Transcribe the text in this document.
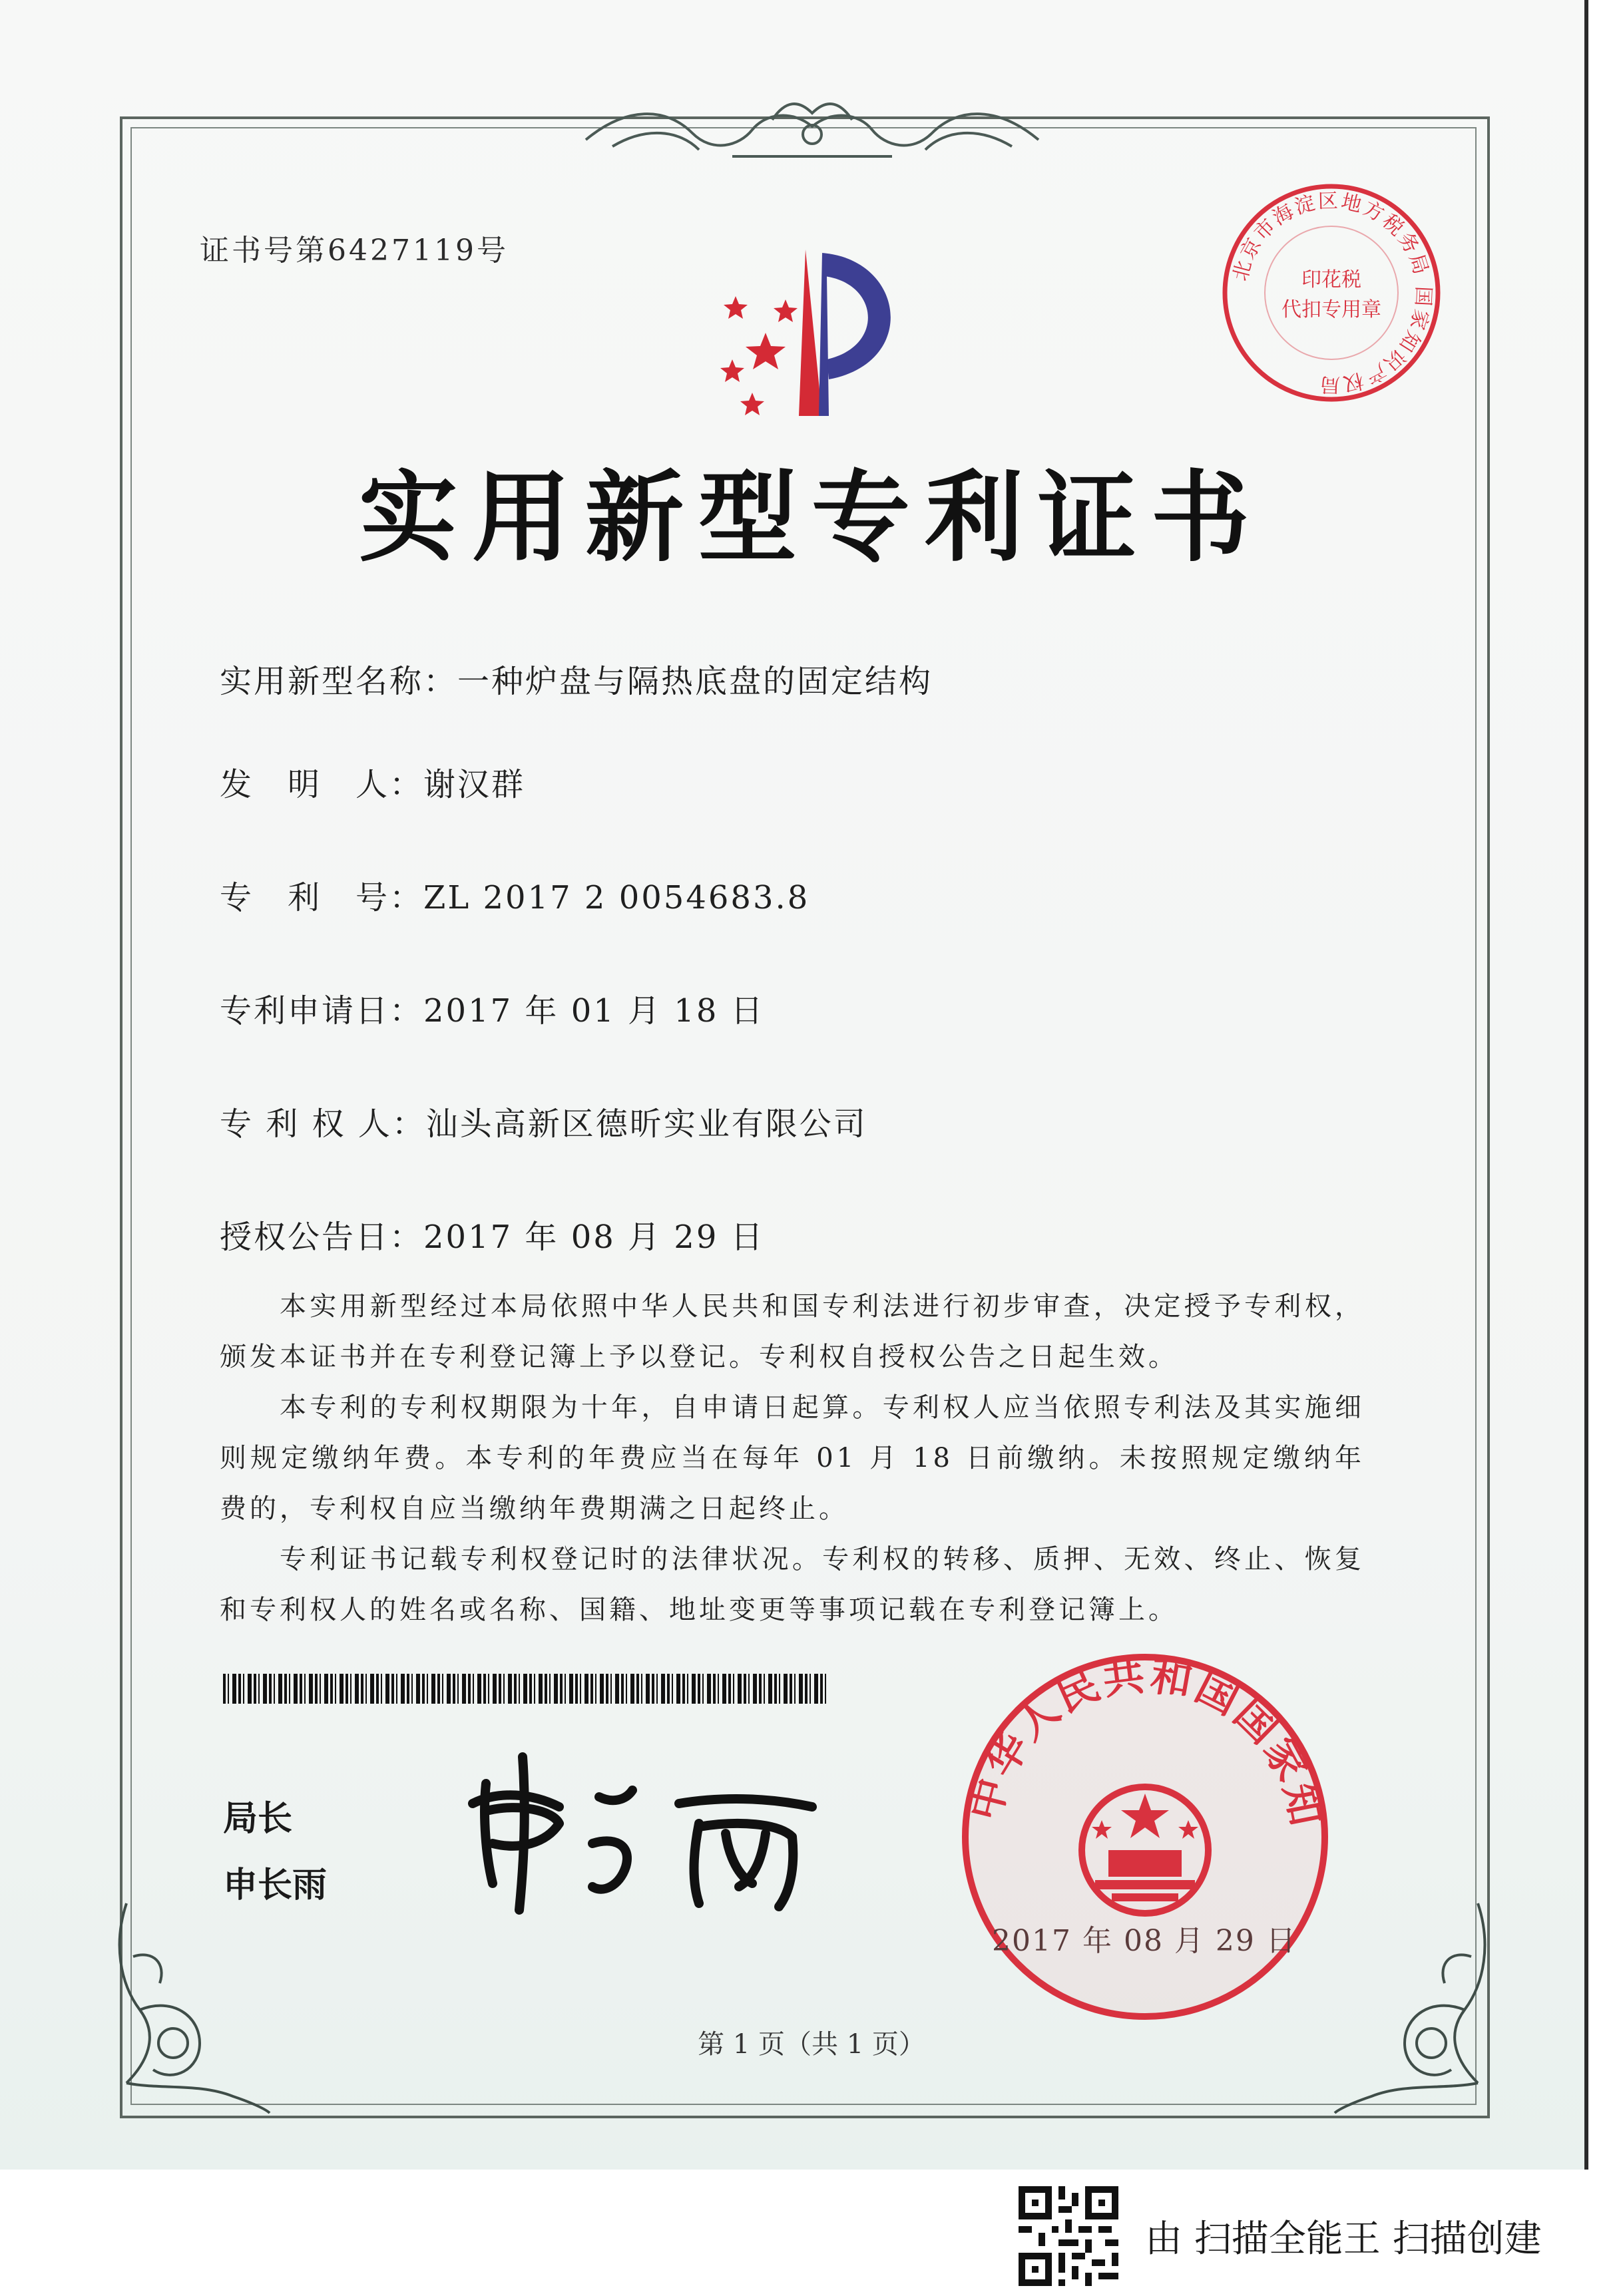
证书号第6427119号
北京市海淀区地方税务局 国家知识产权局
印花税
代扣专用章
实用新型专利证书
实用新型名称：一种炉盘与隔热底盘的固定结构
发　明　人：谢汉群
专　利　号：ZL 2017 2 0054683.8
专利申请日：2017 年 01 月 18 日
专 利 权 人：汕头高新区德昕实业有限公司
授权公告日：2017 年 08 月 29 日

本实用新型经过本局依照中华人民共和国专利法进行初步审查，决定授予专利权，颁发本证书并在专利登记簿上予以登记。专利权自授权公告之日起生效。

本专利的专利权期限为十年，自申请日起算。专利权人应当依照专利法及其实施细则规定缴纳年费。本专利的年费应当在每年 01 月 18 日前缴纳。未按照规定缴纳年费的，专利权自应当缴纳年费期满之日起终止。

专利证书记载专利权登记时的法律状况。专利权的转移、质押、无效、终止、恢复和专利权人的姓名或名称、国籍、地址变更等事项记载在专利登记簿上。

局长
申长雨
中华人民共和国国家知
2017 年 08 月 29 日
第 1 页（共 1 页）
由 扫描全能王 扫描创建
